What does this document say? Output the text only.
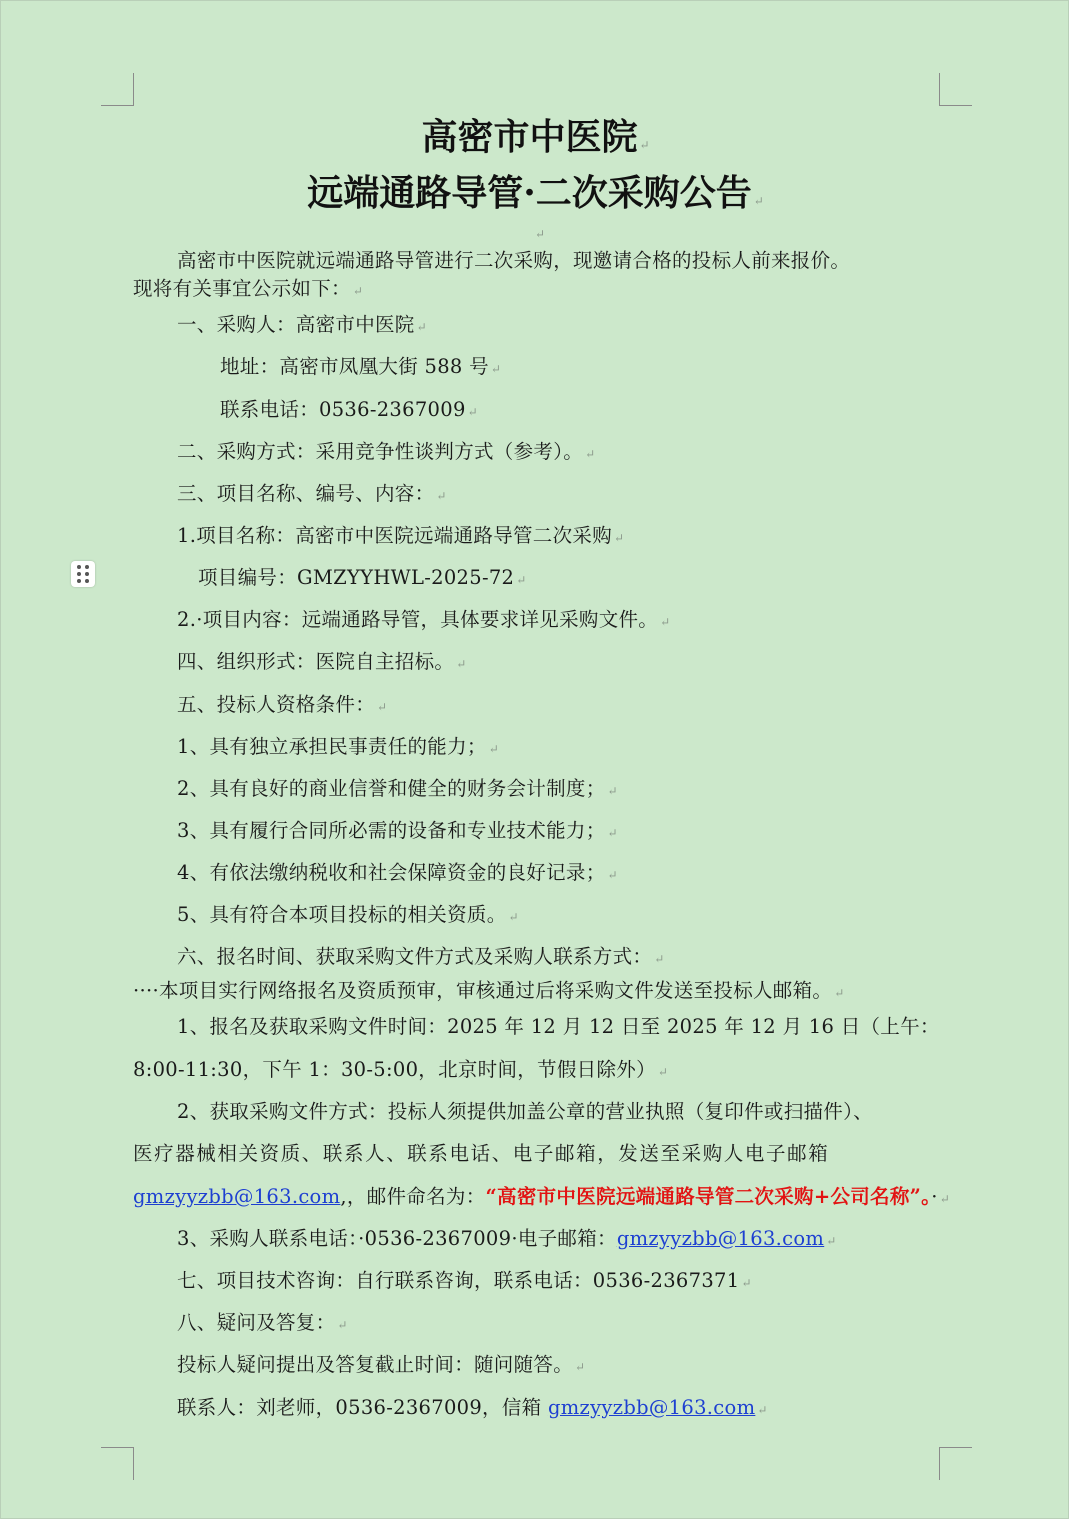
高密市中医院 ↵
远端通路导管·二次采购公告 ↵
↵
高密市中医院就远端通路导管进行二次采购，现邀请合格的投标人前来报价。
现将有关事宜公示如下： ↵
一、采购人：高密市中医院 ↵
地址：高密市凤凰大街 588 号 ↵
联系电话：0536-2367009 ↵
二、采购方式：采用竞争性谈判方式（参考）。 ↵
三、项目名称、编号、内容： ↵
1.项目名称：高密市中医院远端通路导管二次采购 ↵
项目编号：GMZYYHWL-2025-72 ↵
2.·项目内容：远端通路导管，具体要求详见采购文件。 ↵
四、组织形式：医院自主招标。 ↵
五、投标人资格条件： ↵
1、具有独立承担民事责任的能力； ↵
2、具有良好的商业信誉和健全的财务会计制度； ↵
3、具有履行合同所必需的设备和专业技术能力； ↵
4、有依法缴纳税收和社会保障资金的良好记录； ↵
5、具有符合本项目投标的相关资质。 ↵
六、报名时间、获取采购文件方式及采购人联系方式： ↵
····本项目实行网络报名及资质预审，审核通过后将采购文件发送至投标人邮箱。 ↵
1、报名及获取采购文件时间：2025 年 12 月 12 日至 2025 年 12 月 16 日（上午：
8:00-11:30，下午 1：30-5:00，北京时间，节假日除外） ↵
2、获取采购文件方式：投标人须提供加盖公章的营业执照（复印件或扫描件）、
医疗器械相关资质、联系人、联系电话、电子邮箱，发送至采购人电子邮箱
gmzyyzbb@163.com,，邮件命名为：“高密市中医院远端通路导管二次采购+公司名称”。· ↵
3、采购人联系电话：·0536-2367009·电子邮箱：gmzyyzbb@163.com ↵
七、项目技术咨询：自行联系咨询，联系电话：0536-2367371 ↵
八、疑问及答复： ↵
投标人疑问提出及答复截止时间：随问随答。 ↵
联系人：刘老师，0536-2367009，信箱 gmzyyzbb@163.com ↵
